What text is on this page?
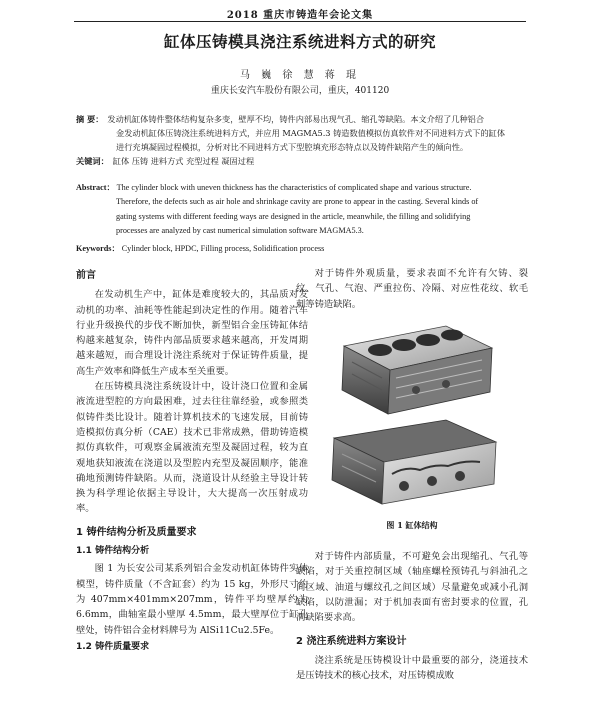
2018 重庆市铸造年会论文集
缸体压铸模具浇注系统进料方式的研究
马 巍 徐 慧 蒋 琨
重庆长安汽车股份有限公司，重庆，401120
摘 要： 发动机缸体铸件整体结构复杂多变，壁厚不均，铸件内部易出现气孔、缩孔等缺陷。本文介绍了几种铝合
金发动机缸体压铸浇注系统进料方式，并应用 MAGMA5.3 铸造数值模拟仿真软件对不同进料方式下的缸体
进行充填凝固过程模拟，分析对比不同进料方式下型腔填充形态特点以及铸件缺陷产生的倾向性。
关键词： 缸体 压铸 进料方式 充型过程 凝固过程
Abstract： The cylinder block with uneven thickness has the characteristics of complicated shape and various structure.
Therefore, the defects such as air hole and shrinkage cavity are prone to appear in the casting. Several kinds of
gating systems with different feeding ways are designed in the article, meanwhile, the filling and solidifying
processes are analyzed by cast numerical simulation software MAGMA5.3.
Keywords： Cylinder block, HPDC, Filling process, Solidification process
前言

在发动机生产中，缸体是难度较大的，其品质对发动机的功率、油耗等性能起到决定性的作用。随着汽车行业升级换代的步伐不断加快，新型铝合金压铸缸体结构越来越复杂，铸件内部品质要求越来越高，开发周期越来越短，而合理设计浇注系统对于保证铸件质量，提高生产效率和降低生产成本至关重要。

在压铸模具浇注系统设计中，设计浇口位置和金属液流进型腔的方向最困难，过去往往靠经验，或参照类似铸件类比设计。随着计算机技术的飞速发展，目前铸造模拟仿真分析（CAE）技术已非常成熟，借助铸造模拟仿真软件，可观察金属液流充型及凝固过程，较为直观地获知液流在浇道以及型腔内充型及凝固顺序，能准确地预测铸件缺陷。从而，浇道设计从经验主导设计转换为科学理论依据主导设计，大大提高一次压射成功率。

1 铸件结构分析及质量要求
1.1 铸件结构分析

图 1 为长安公司某系列铝合金发动机缸体铸件实体模型，铸件质量（不含缸套）约为 15 kg，外形尺寸约为 407mm×401mm×207mm，铸件平均壁厚约为 6.6mm，曲轴室最小壁厚 4.5mm，最大壁厚位于缸孔壁处，铸件铝合金材料牌号为 AlSi11Cu2.5Fe。

1.2 铸件质量要求

对于铸件外观质量，要求表面不允许有欠铸、裂纹、气孔、气泡、严重拉伤、冷隔、对应性花纹、软毛刺等铸造缺陷。

图 1 缸体结构

对于铸件内部质量，不可避免会出现缩孔、气孔等缺陷，对于关重控制区域（轴座螺栓预铸孔与斜油孔之间区域、油道与螺纹孔之间区域）尽量避免或减小孔洞缺陷，以防泄漏；对于机加表面有密封要求的位置，孔洞缺陷要求高。

2 浇注系统进料方案设计

浇注系统是压铸模设计中最重要的部分，浇道技术是压铸技术的核心技术，对压铸模成败
